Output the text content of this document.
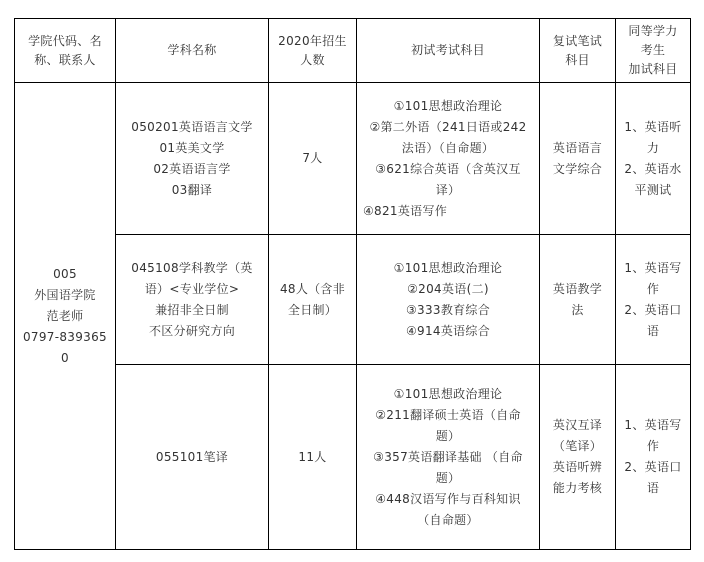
学院代码、名
称、联系人
学科名称
2020年招生
人数
初试考试科目
复试笔试
科目
同等学力
考生
加试科目
005
外国语学院
范老师
0797-839365
0
050201英语语言文学
01英美文学
02英语语言学
03翻译
7人
①101思想政治理论
②第二外语（241日语或242
法语）（自命题）
③621综合英语（含英汉互
译）
④821英语写作
英语语言
文学综合
1、英语听
力
2、英语水
平测试
045108学科教学（英
语）<专业学位>
兼招非全日制
不区分研究方向
48人（含非
全日制）
①101思想政治理论
②204英语(二)
③333教育综合
④914英语综合
英语教学
法
1、英语写
作
2、英语口
语
055101笔译	11人
①101思想政治理论
②211翻译硕士英语（自命
题）
③357英语翻译基础 （自命
题）
④448汉语写作与百科知识
（自命题）
英汉互译
（笔译）
英语听辨
能力考核
1、英语写
作
2、英语口
语
